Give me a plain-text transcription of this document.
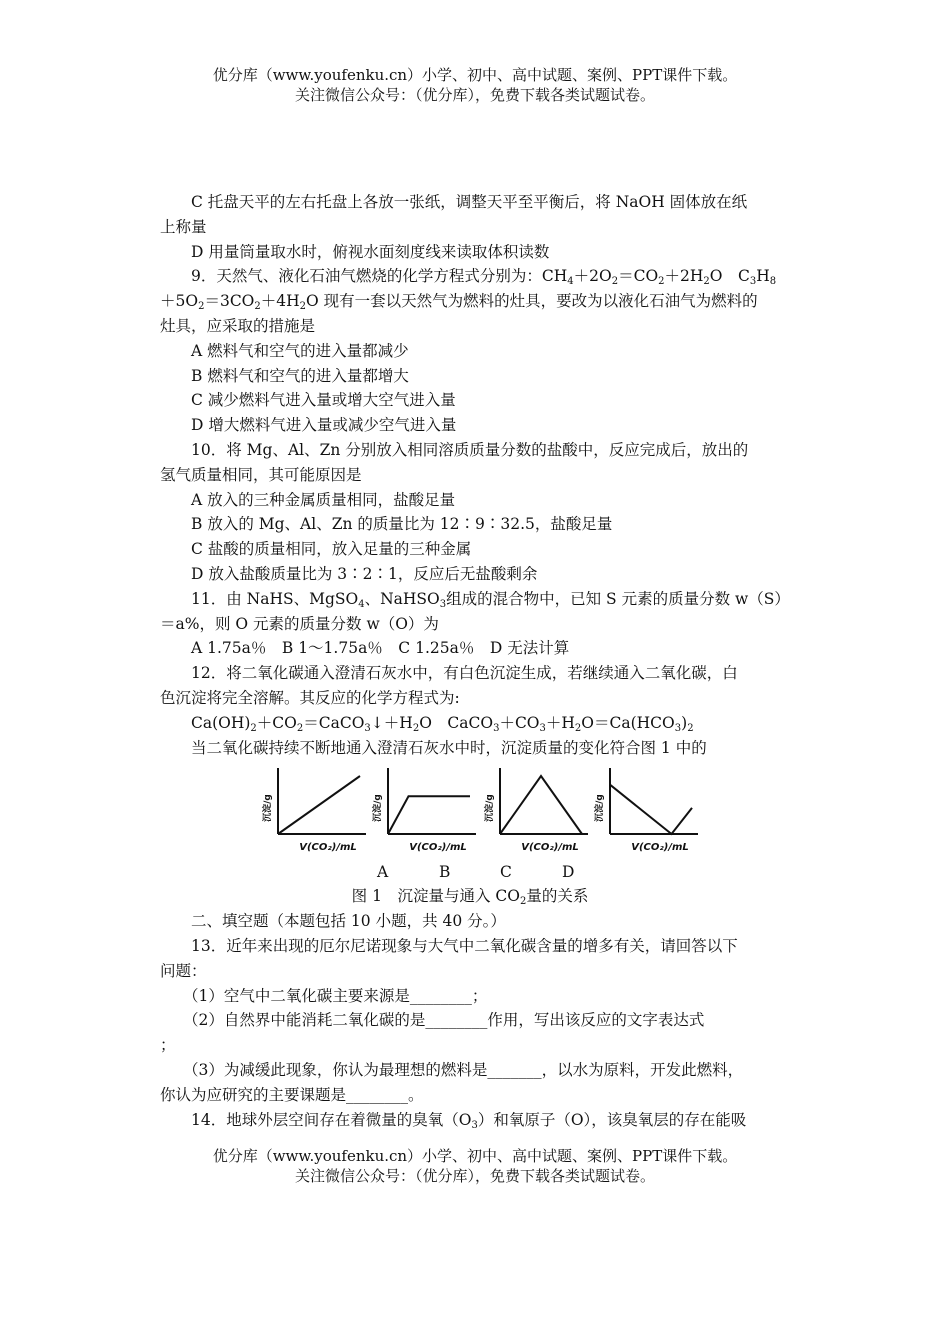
优分库（www.youfenku.cn）小学、初中、高中试题、案例、PPT课件下载。
关注微信公众号：（优分库），免费下载各类试题试卷。

C 托盘天平的左右托盘上各放一张纸，调整天平至平衡后，将 NaOH 固体放在纸

上称量

D 用量筒量取水时，俯视水面刻度线来读取体积读数

9．天然气、液化石油气燃烧的化学方程式分别为：$CH_4+2O_2=CO_2+2H_2O$　$C_3H_8$

$+5O_2=3CO_2+4H_2O$ 现有一套以天然气为燃料的灶具，要改为以液化石油气为燃料的

灶具，应采取的措施是

A 燃料气和空气的进入量都减少

B 燃料气和空气的进入量都增大

C 减少燃料气进入量或增大空气进入量

D 增大燃料气进入量或减少空气进入量

10．将 Mg、Al、Zn 分别放入相同溶质质量分数的盐酸中，反应完成后，放出的

氢气质量相同，其可能原因是

A 放入的三种金属质量相同，盐酸足量

B 放入的 Mg、Al、Zn 的质量比为 12∶9∶32.5，盐酸足量

C 盐酸的质量相同，放入足量的三种金属

D 放入盐酸质量比为 3∶2∶1，反应后无盐酸剩余

11．由 NaHS、MgSO$_4$、NaHSO$_3$组成的混合物中，已知 S 元素的质量分数 w（S）

＝a%，则 O 元素的质量分数 w（O）为

A 1.75a％　B 1～1.75a％　C 1.25a％　D 无法计算

12．将二氧化碳通入澄清石灰水中，有白色沉淀生成，若继续通入二氧化碳，白

色沉淀将完全溶解。其反应的化学方程式为:

$Ca(OH)_2+CO_2=CaCO_3↓+H_2O$　$CaCO_3+CO_3+H_2O=Ca(HCO_3)_2$

当二氧化碳持续不断地通入澄清石灰水中时，沉淀质量的变化符合图 1 中的

沉淀/g
V(CO₂)/mL
沉淀/g
V(CO₂)/mL
沉淀/g
V(CO₂)/mL
沉淀/g
V(CO₂)/mL
A	B	C	D

图 1　沉淀量与通入 $CO_2$量的关系

二、填空题（本题包括 10 小题，共 40 分。）

13．近年来出现的厄尔尼诺现象与大气中二氧化碳含量的增多有关，请回答以下

问题：

（1）空气中二氧化碳主要来源是________；

（2）自然界中能消耗二氧化碳的是________作用，写出该反应的文字表达式

；

（3）为减缓此现象，你认为最理想的燃料是_______，以水为原料，开发此燃料，

你认为应研究的主要课题是________。

14．地球外层空间存在着微量的臭氧$(O_3)$和氧原子（O），该臭氧层的存在能吸

优分库（www.youfenku.cn）小学、初中、高中试题、案例、PPT课件下载。
关注微信公众号：（优分库），免费下载各类试题试卷。
